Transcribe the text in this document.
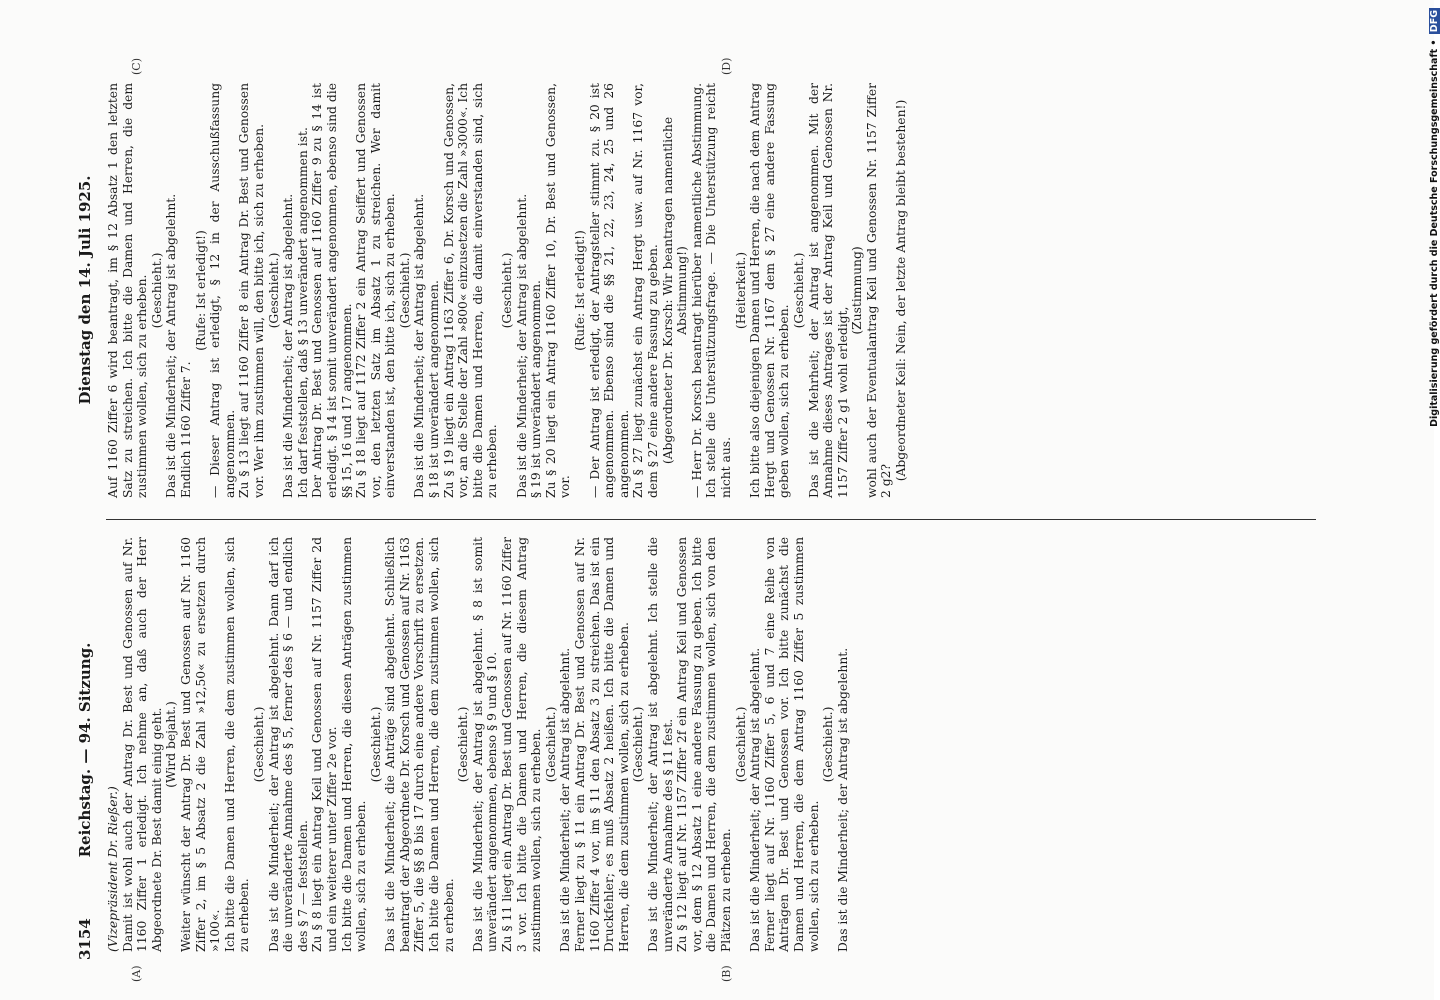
3154
Reichstag. — 94. Sitzung.
Dienstag den 14. Juli 1925.

(Vizepräsident Dr. Rießer.) Damit ist wohl auch der Antrag Dr. Best und Genossen auf Nr. 1160 Ziffer 1 erledigt. Ich nehme an, daß auch der Herr Abgeordnete Dr. Best damit einig geht. (Wird bejaht.) Weiter wünscht der Antrag Dr. Best und Genossen auf Nr. 1160 Ziffer 2, im § 5 Absatz 2 die Zahl »12,50« zu ersetzen durch »100«. Ich bitte die Damen und Herren, die dem zustimmen wollen, sich zu erheben.

(Geschieht.) Das ist die Minderheit; der Antrag ist abgelehnt. Dann darf ich die unveränderte Annahme des § 5, ferner des § 6 — und endlich des § 7 — feststellen. Zu § 8 liegt ein Antrag Keil und Genossen auf Nr. 1157 Ziffer 2d und ein weiterer unter Ziffer 2e vor. Ich bitte die Damen und Herren, die diesen Anträgen zustimmen wollen, sich zu erheben.

(Geschieht.) Das ist die Minderheit; die Anträge sind abgelehnt. Schließlich beantragt der Abgeordnete Dr. Korsch und Genossen auf Nr. 1163 Ziffer 5, die §§ 8 bis 17 durch eine andere Vorschrift zu ersetzen. Ich bitte die Damen und Herren, die dem zustimmen wollen, sich zu erheben.

(Geschieht.) Das ist die Minderheit; der Antrag ist abgelehnt. § 8 ist somit unverändert angenommen, ebenso § 9 und § 10. Zu § 11 liegt ein Antrag Dr. Best und Genossen auf Nr. 1160 Ziffer 3 vor. Ich bitte die Damen und Herren, die diesem Antrag zustimmen wollen, sich zu erheben. (Geschieht.) Das ist die Minderheit; der Antrag ist abgelehnt. Ferner liegt zu § 11 ein Antrag Dr. Best und Genossen auf Nr. 1160 Ziffer 4 vor, im § 11 den Absatz 3 zu streichen. Das ist ein Druckfehler; es muß Absatz 2 heißen. Ich bitte die Damen und Herren, die dem zustimmen wollen, sich zu erheben. (Geschieht.) Das ist die Minderheit; der Antrag ist abgelehnt. Ich stelle die unveränderte Annahme des § 11 fest. Zu § 12 liegt auf Nr. 1157 Ziffer 2f ein Antrag Keil und Genossen vor, dem § 12 Absatz 1 eine andere Fassung zu geben. Ich bitte die Damen und Herren, die dem zustimmen wollen, sich von den Plätzen zu erheben.

(Geschieht.) Das ist die Minderheit; der Antrag ist abgelehnt. Ferner liegt auf Nr. 1160 Ziffer 5, 6 und 7 eine Reihe von Anträgen Dr. Best und Genossen vor. Ich bitte zunächst die Damen und Herren, die dem Antrag 1160 Ziffer 5 zustimmen wollen, sich zu erheben.

(Geschieht.) Das ist die Minderheit; der Antrag ist abgelehnt.

Auf 1160 Ziffer 6 wird beantragt, im § 12 Absatz 1 den letzten Satz zu streichen. Ich bitte die Damen und Herren, die dem zustimmen wollen, sich zu erheben. (Geschieht.) Das ist die Minderheit; der Antrag ist abgelehnt. Endlich 1160 Ziffer 7.

(Rufe: Ist erledigt!) — Dieser Antrag ist erledigt, § 12 in der Ausschußfassung angenommen. Zu § 13 liegt auf 1160 Ziffer 8 ein Antrag Dr. Best und Genossen vor. Wer ihm zustimmen will, den bitte ich, sich zu erheben. (Geschieht.) Das ist die Minderheit; der Antrag ist abgelehnt. Ich darf feststellen, daß § 13 unverändert angenommen ist. Der Antrag Dr. Best und Genossen auf 1160 Ziffer 9 zu § 14 ist erledigt. § 14 ist somit unverändert angenommen, ebenso sind die §§ 15, 16 und 17 angenommen. Zu § 18 liegt auf 1172 Ziffer 2 ein Antrag Seiffert und Genossen vor, den letzten Satz im Absatz 1 zu streichen. Wer damit einverstanden ist, den bitte ich, sich zu erheben. (Geschieht.) Das ist die Minderheit; der Antrag ist abgelehnt. § 18 ist unverändert angenommen. Zu § 19 liegt ein Antrag 1163 Ziffer 6, Dr. Korsch und Genossen, vor, an die Stelle der Zahl »800« einzusetzen die Zahl »3000«. Ich bitte die Damen und Herren, die damit einverstanden sind, sich zu erheben.

(Geschieht.) Das ist die Minderheit; der Antrag ist abgelehnt. § 19 ist unverändert angenommen. Zu § 20 liegt ein Antrag 1160 Ziffer 10, Dr. Best und Genossen, vor.

(Rufe: Ist erledigt!) — Der Antrag ist erledigt, der Antragsteller stimmt zu. § 20 ist angenommen. Ebenso sind die §§ 21, 22, 23, 24, 25 und 26 angenommen. Zu § 27 liegt zunächst ein Antrag Hergt usw. auf Nr. 1167 vor, dem § 27 eine andere Fassung zu geben. (Abgeordneter Dr. Korsch: Wir beantragen namentliche Abstimmung!) — Herr Dr. Korsch beantragt hierüber namentliche Abstimmung. Ich stelle die Unterstützungsfrage. — Die Unterstützung reicht nicht aus.

(Heiterkeit.) Ich bitte also diejenigen Damen und Herren, die nach dem Antrag Hergt und Genossen Nr. 1167 dem § 27 eine andere Fassung geben wollen, sich zu erheben.

(Geschieht.) Das ist die Mehrheit; der Antrag ist angenommen. Mit der Annahme dieses Antrages ist der Antrag Keil und Genossen Nr. 1157 Ziffer 2 g1 wohl erledigt,

(Zustimmung) wohl auch der Eventualantrag Keil und Genossen Nr. 1157 Ziffer 2 g2? (Abgeordneter Keil: Nein, der letzte Antrag bleibt bestehen!)

(A)	(B)
(C)	(D)	Digitalisierung gefördert durch die Deutsche Forschungsgemeinschaft • DFG
